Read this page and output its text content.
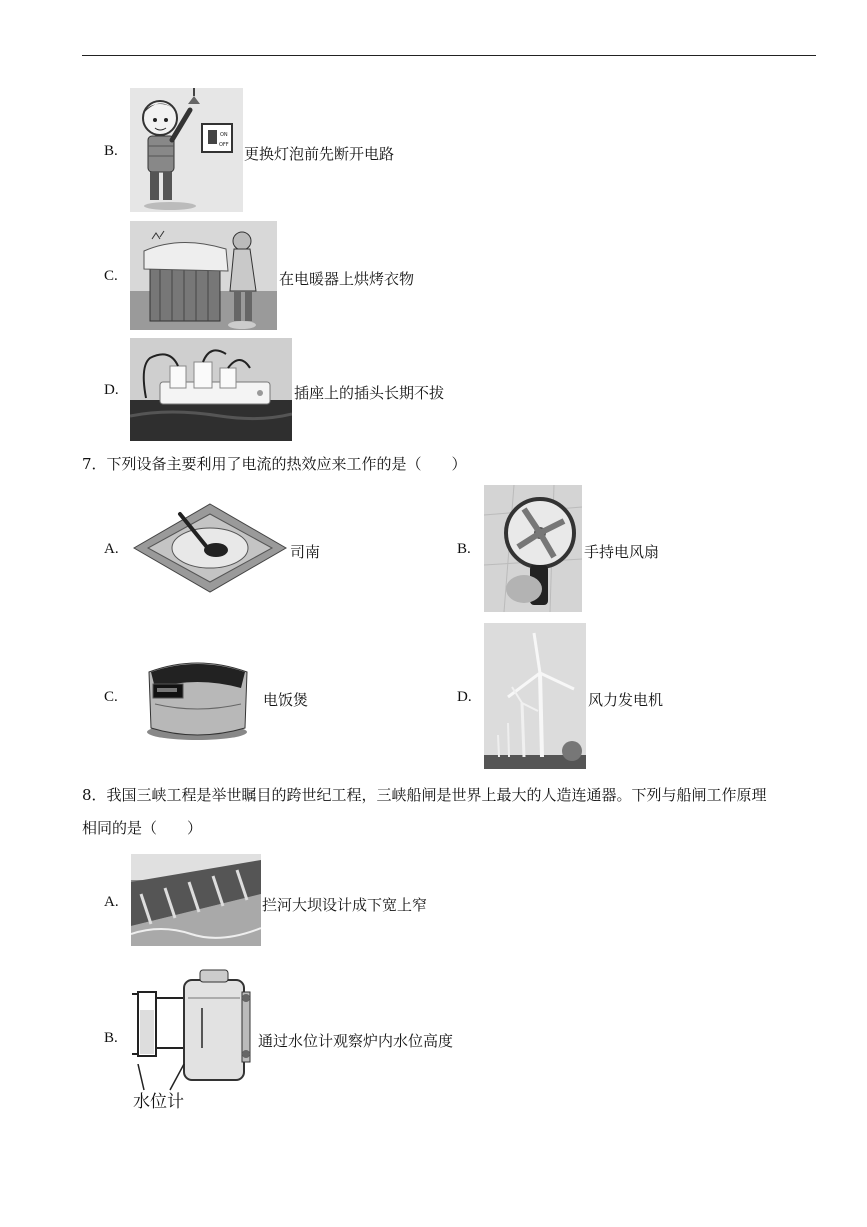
B.
ON
OFF 更换灯泡前先断开电路
C.	在电暖器上烘烤衣物
D.	插座上的插头长期不拔
7．下列设备主要利用了电流的热效应来工作的是（　　）
A.	司南	B.	手持电风扇
C.	电饭煲	D.	风力发电机
8．我国三峡工程是举世瞩目的跨世纪工程，三峡船闸是世界上最大的人造连通器。下列与船闸工作原理
相同的是（　　）
A.	拦河大坝设计成下宽上窄
B.	通过水位计观察炉内水位高度
水位计
